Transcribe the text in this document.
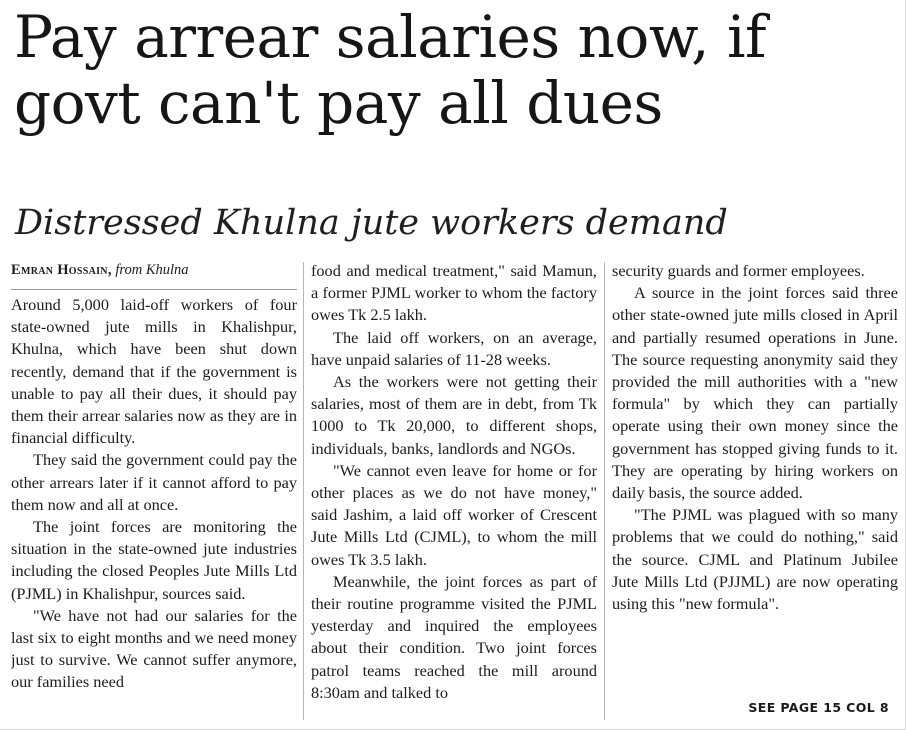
Pay arrear salaries now, if govt can't pay all dues
Distressed Khulna jute workers demand

Emran Hossain, from Khulna

Around 5,000 laid-off workers of four state-owned jute mills in Khalishpur, Khulna, which have been shut down recently, demand that if the government is unable to pay all their dues, it should pay them their arrear salaries now as they are in financial difficulty.

They said the government could pay the other arrears later if it cannot afford to pay them now and all at once.

The joint forces are monitoring the situation in the state-owned jute industries including the closed Peoples Jute Mills Ltd (PJML) in Khalishpur, sources said.

"We have not had our salaries for the last six to eight months and we need money just to survive. We cannot suffer anymore, our families need

food and medical treatment," said Mamun, a former PJML worker to whom the factory owes Tk 2.5 lakh.

The laid off workers, on an average, have unpaid salaries of 11-28 weeks.

As the workers were not getting their salaries, most of them are in debt, from Tk 1000 to Tk 20,000, to different shops, individuals, banks, landlords and NGOs.

"We cannot even leave for home or for other places as we do not have money," said Jashim, a laid off worker of Crescent Jute Mills Ltd (CJML), to whom the mill owes Tk 3.5 lakh.

Meanwhile, the joint forces as part of their routine programme visited the PJML yesterday and inquired the employees about their condition. Two joint forces patrol teams reached the mill around 8:30am and talked to

security guards and former employees.

A source in the joint forces said three other state-owned jute mills closed in April and partially resumed operations in June. The source requesting anonymity said they provided the mill authorities with a "new formula" by which they can partially operate using their own money since the government has stopped giving funds to it. They are operating by hiring workers on daily basis, the source added.

"The PJML was plagued with so many problems that we could do nothing," said the source. CJML and Platinum Jubilee Jute Mills Ltd (PJJML) are now operating using this "new formula".

SEE PAGE 15 COL 8
